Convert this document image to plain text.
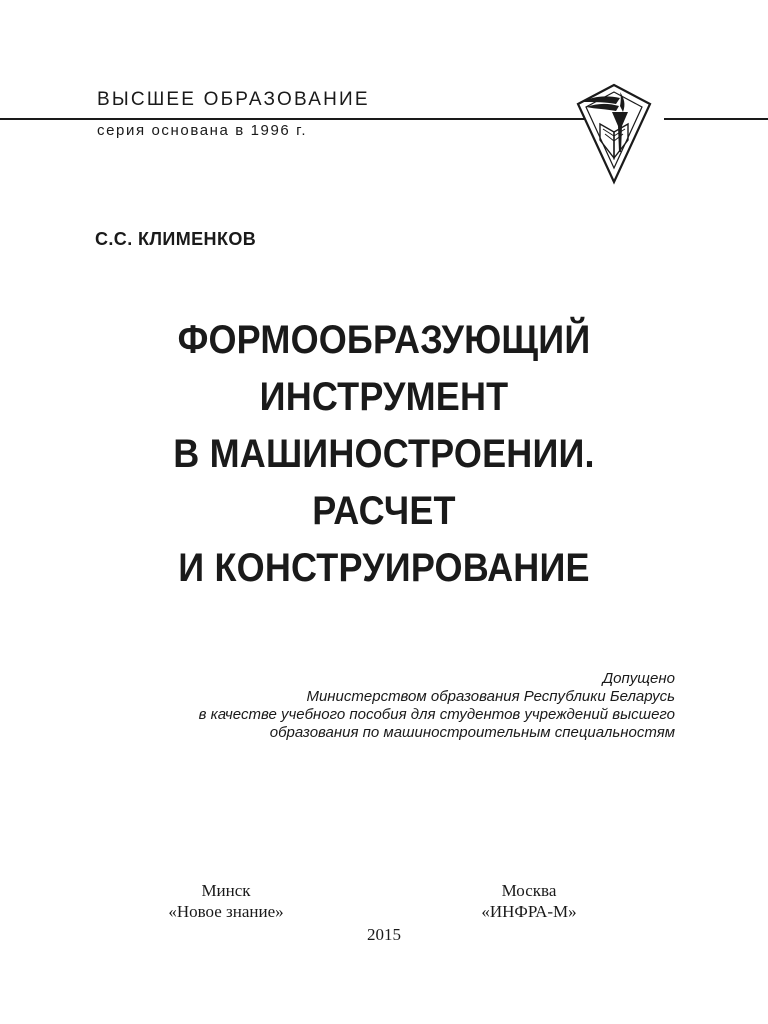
ВЫСШЕЕ ОБРАЗОВАНИЕ
серия основана в 1996 г.
С.С. КЛИМЕНКОВ
ФОРМООБРАЗУЮЩИЙ
ИНСТРУМЕНТ
В МАШИНОСТРОЕНИИ.
РАСЧЕТ
И КОНСТРУИРОВАНИЕ
Допущено
Министерством образования Республики Беларусь
в качестве учебного пособия для студентов учреждений высшего
образования по машиностроительным специальностям
Минск
«Новое знание»
Москва
«ИНФРА-М»
2015
